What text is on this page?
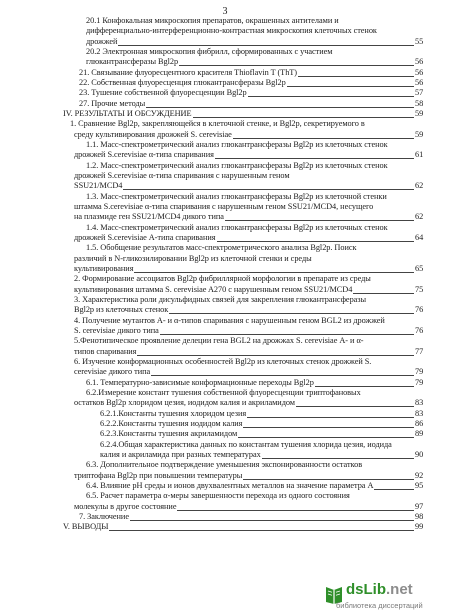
3
20.1 Конфокальная микроскопия препаратов, окрашенных антителами и
дифференциально-интерференционно-контрастная микроскопия клеточных стенок
дрожжей	55
20.2 Электронная микроскопия фибрилл, сформированных с участием
глюкантрансферазы Bgl2p	56
21. Связывание флуоресцентного красителя Thioflavin T (ThT)	56
22. Собственная флуоресценция глюкантрансферазы Bgl2p	56
23. Тушение собственной флуоресценции Bgl2p	57
27. Прочие методы	58
IV. РЕЗУЛЬТАТЫ И ОБСУЖДЕНИЕ	59
1. Сравнение Bgl2p, закрепляющейся в клеточной стенке, и Bgl2p, секретируемого в
среду культивирования дрожжей S. cerevisiae	59
1.1. Масс-спектрометрический анализ глюкантрансферазы Bgl2p из клеточных стенок
дрожжей S.cerevisiae α-типа спаривания	61
1.2. Масс-спектрометрический анализ глюкантрансферазы Bgl2p из клеточных стенок
дрожжей S.cerevisiae α-типа спаривания с нарушенным геном
SSU21/MCD4	62
1.3. Масс-спектрометрический анализ глюкантрансферазы Bgl2p из клеточной стенки
штамма S.cerevisiae α-типа спаривания с нарушенным геном SSU21/MCD4, несущего
на плазмиде ген SSU21/MCD4 дикого типа	62
1.4. Масс-спектрометрический анализ глюкантрансферазы Bgl2p из клеточных стенок
дрожжей S.cerevisiae А-типа спаривания	64
1.5. Обобщение результатов масс-спектрометрического анализа Bgl2p. Поиск
различий в N-гликозилировании Bgl2p из клеточной стенки и среды
культивирования	65
2. Формирование ассоциатов Bgl2p фибриллярной морфологии в препарате из среды
культивирования штамма S. cerevisiae A270 с нарушенным геном SSU21/MCD4	75
3. Характеристика роли дисульфидных связей для закрепления глюкантрансферазы
Bgl2p из клеточных стенок	76
4. Получение мутантов А- и α-типов спаривания с нарушенным геном BGL2 из дрожжей
S. cerevisiae дикого типа	76
5.Фенотипическое проявление делеции гена BGL2 на дрожжах S. cerevisiae А- и α-
типов спаривания	77
6. Изучение конформационных особенностей Bgl2p из клеточных стенок дрожжей S.
cerevisiae дикого типа	79
6.1. Температурно-зависимые конформационные переходы Bgl2p	79
6.2.Измерение констант тушения собственной флуоресценции триптофановых
остатков Bgl2p хлоридом цезия, иодидом калия и акриламидом	83
6.2.1.Константы тушения хлоридом цезия	83
6.2.2.Константы тушения иодидом калия	86
6.2.3.Константы тушения акриламидом	89
6.2.4.Общая характеристика данных по константам тушения хлорида цезия, иодида
калия и акриламида при разных температурах	90
6.3. Дополнительное подтверждение уменьшения экспонированности остатков
триптофана Bgl2p при повышении температуры	92
6.4. Влияние pH среды и ионов двухвалентных металлов на значение параметра А	95
6.5. Расчет параметра α-меры завершенности перехода из одного состояния
молекулы в другое состояние	97
7. Заключение	98
V. ВЫВОДЫ	99
dsLib.net
библиотека диссертаций
